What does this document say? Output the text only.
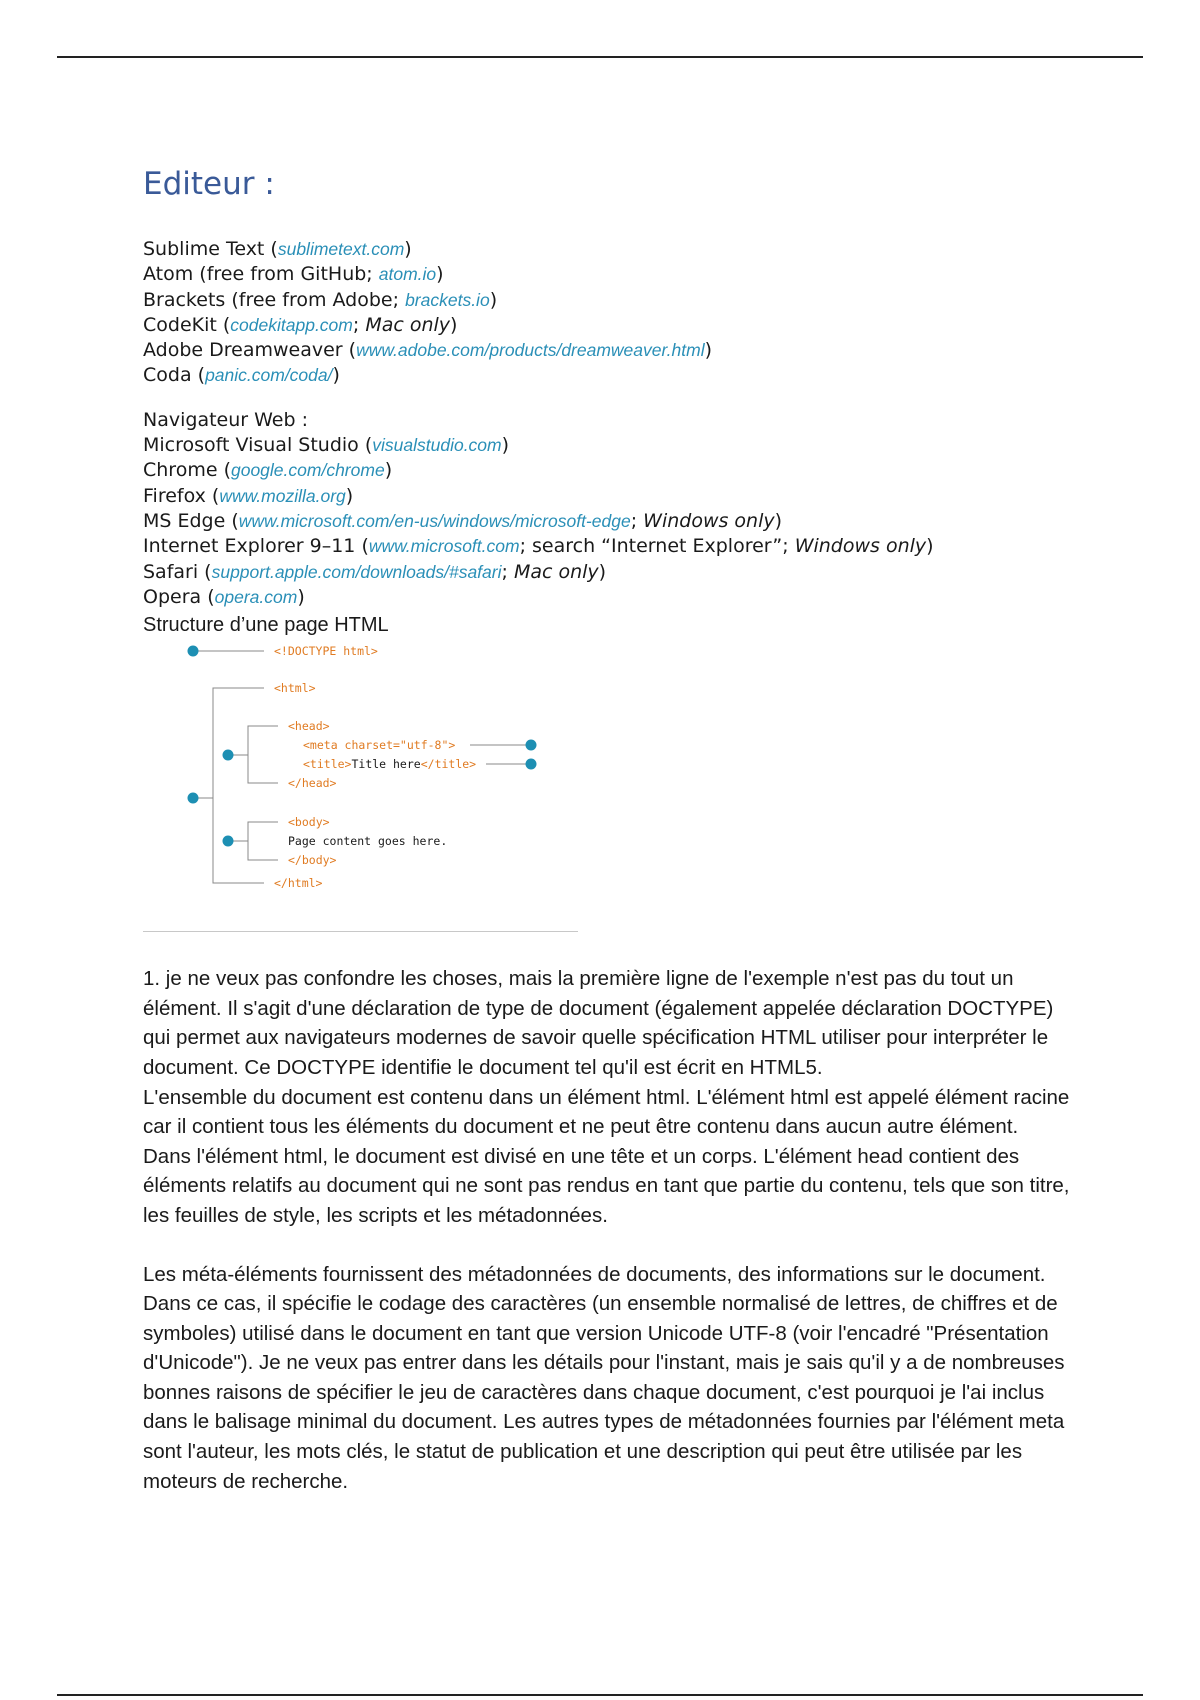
Editeur :
Sublime Text (sublimetext.com)
Atom (free from GitHub; atom.io)
Brackets (free from Adobe; brackets.io)
CodeKit (codekitapp.com; Mac only)
Adobe Dreamweaver (www.adobe.com/products/dreamweaver.html)
Coda (panic.com/coda/)
Navigateur Web :
Microsoft Visual Studio (visualstudio.com)
Chrome (google.com/chrome)
Firefox (www.mozilla.org)
MS Edge (www.microsoft.com/en-us/windows/microsoft-edge; Windows only)
Internet Explorer 9–11 (www.microsoft.com; search “Internet Explorer”; Windows only)
Safari (support.apple.com/downloads/#safari; Mac only)
Opera (opera.com)
Structure d’une page HTML
<!DOCTYPE html>
<html>
<head>
<meta charset="utf-8">
<title>Title here</title>
</head>
<body>
Page content goes here.
</body>
</html>
1. je ne veux pas confondre les choses, mais la première ligne de l'exemple n'est pas du tout un élément. Il s'agit d'une déclaration de type de document (également appelée déclaration DOCTYPE) qui permet aux navigateurs modernes de savoir quelle spécification HTML utiliser pour interpréter le document. Ce DOCTYPE identifie le document tel qu'il est écrit en HTML5.
L'ensemble du document est contenu dans un élément html. L'élément html est appelé élément racine car il contient tous les éléments du document et ne peut être contenu dans aucun autre élément.
Dans l'élément html, le document est divisé en une tête et un corps. L'élément head contient des éléments relatifs au document qui ne sont pas rendus en tant que partie du contenu, tels que son titre, les feuilles de style, les scripts et les métadonnées.
Les méta-éléments fournissent des métadonnées de documents, des informations sur le document. Dans ce cas, il spécifie le codage des caractères (un ensemble normalisé de lettres, de chiffres et de symboles) utilisé dans le document en tant que version Unicode UTF-8 (voir l'encadré "Présentation d'Unicode"). Je ne veux pas entrer dans les détails pour l'instant, mais je sais qu'il y a de nombreuses bonnes raisons de spécifier le jeu de caractères dans chaque document, c'est pourquoi je l'ai inclus dans le balisage minimal du document. Les autres types de métadonnées fournies par l'élément meta sont l'auteur, les mots clés, le statut de publication et une description qui peut être utilisée par les moteurs de recherche.
